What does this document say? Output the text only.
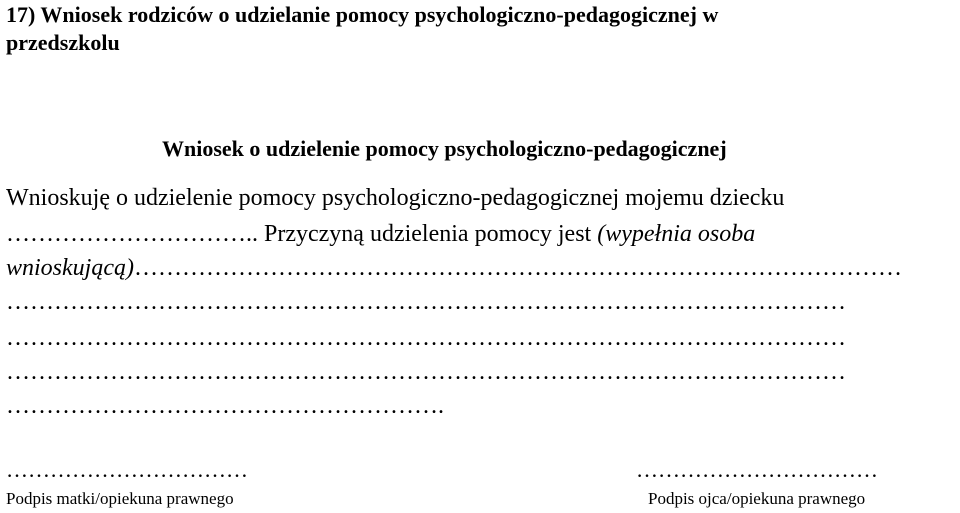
17) Wniosek rodziców o udzielanie pomocy psychologiczno-pedagogicznej w
przedszkolu
Wniosek o udzielenie pomocy psychologiczno-pedagogicznej
Wnioskuję o udzielenie pomocy psychologiczno-pedagogicznej mojemu dziecku
………………………….. Przyczyną udzielenia pomocy jest (wypełnia osoba
wnioskującą)……………………………………………………………………………………
……………………………………………………………………………………………
……………………………………………………………………………………………
……………………………………………………………………………………………
……………………………………………….
……………………………
Podpis matki/opiekuna prawnego
……………………………
Podpis ojca/opiekuna prawnego
